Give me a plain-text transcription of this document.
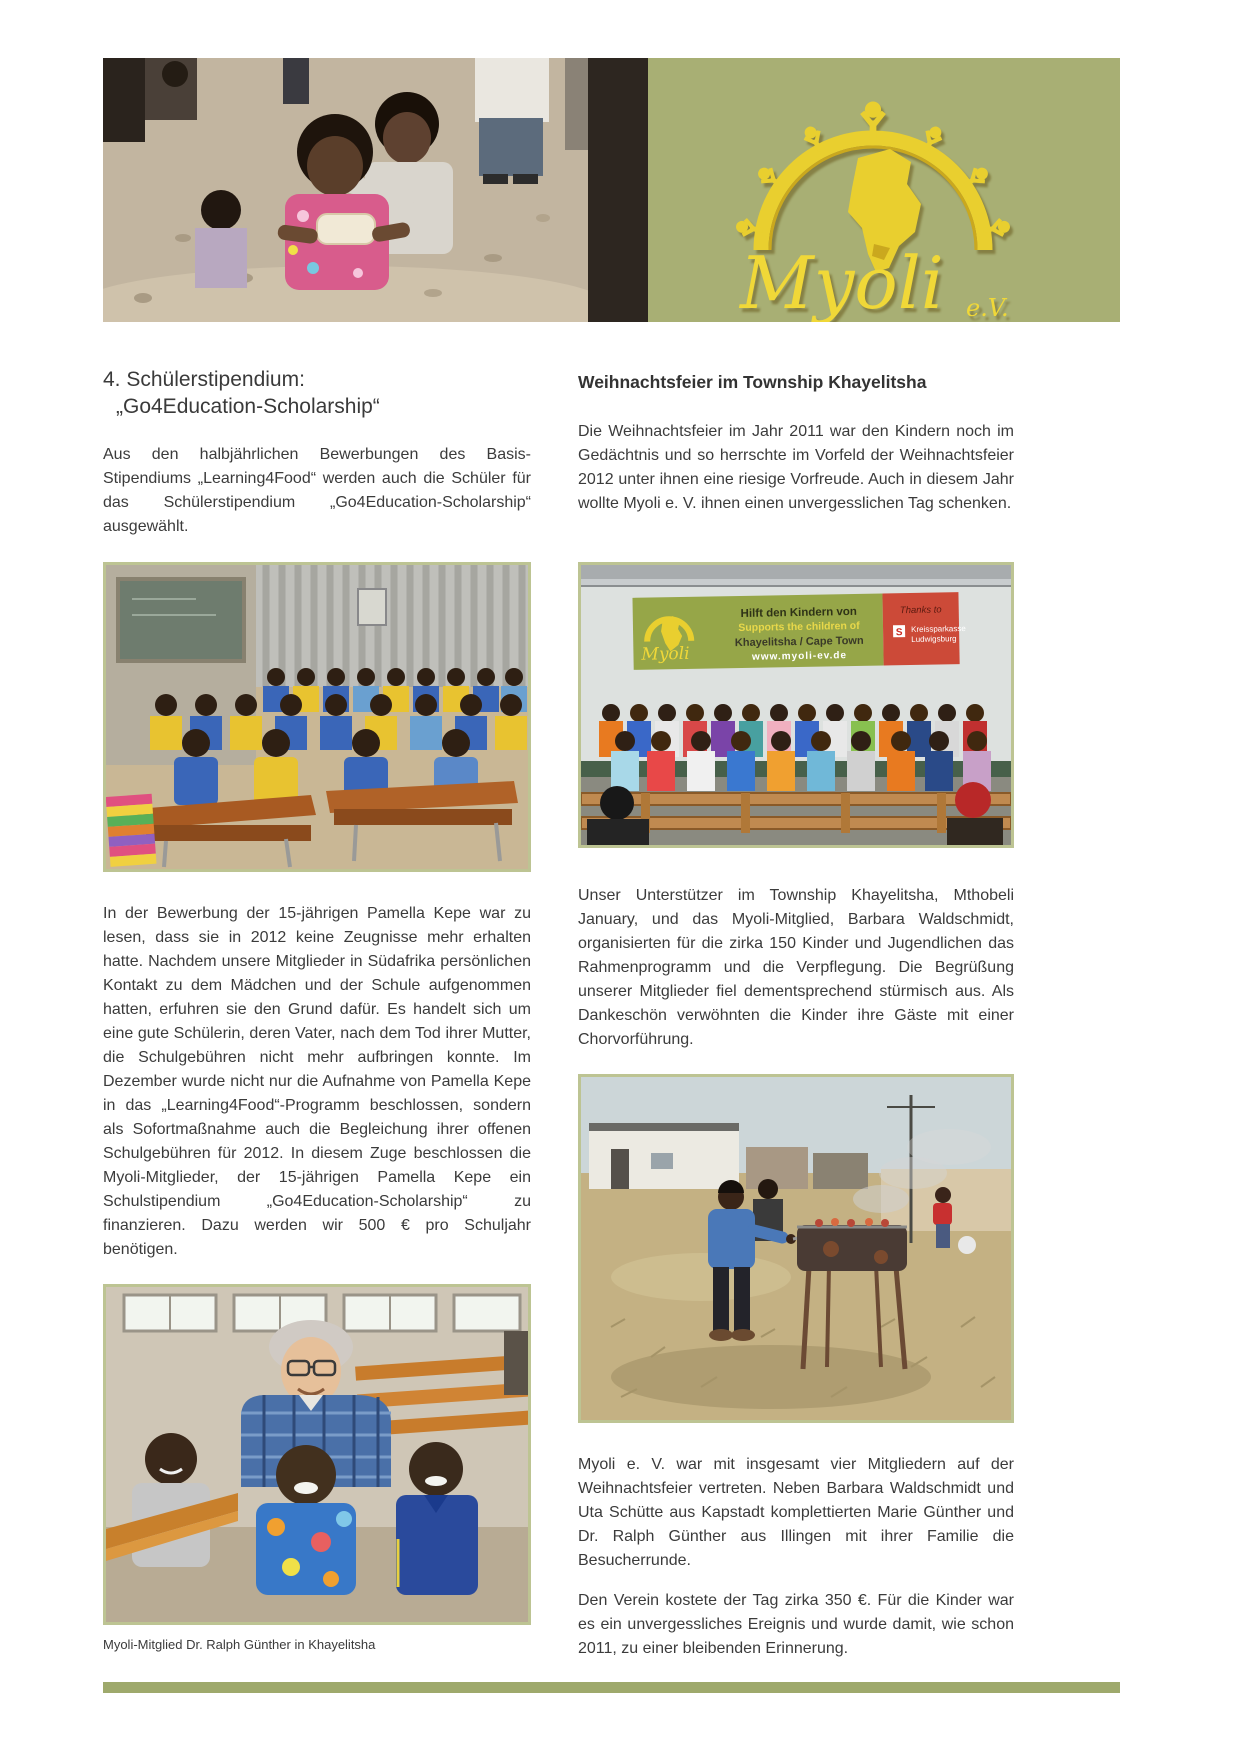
Myoli e.V.
4. Schülerstipendium:
„Go4Education-Scholarship“
Aus den halbjährlichen Bewerbungen des Basis-Stipendiums „Learning4Food“ werden auch die Schüler für das Schülerstipendium „Go4Education-Scholarship“ ausgewählt.
In der Bewerbung der 15-jährigen Pamella Kepe war zu lesen, dass sie in 2012 keine Zeugnisse mehr erhalten hatte. Nachdem unsere Mitglieder in Südafrika persönlichen Kontakt zu dem Mädchen und der Schule aufgenommen hatten, erfuhren sie den Grund dafür. Es handelt sich um eine gute Schülerin, deren Vater, nach dem Tod ihrer Mutter, die Schulgebühren nicht mehr aufbringen konnte. Im Dezember wurde nicht nur die Aufnahme von Pamella Kepe in das „Learning4Food“-Programm beschlossen, sondern als Sofortmaßnahme auch die Begleichung ihrer offenen Schulgebühren für 2012. In diesem Zuge beschlossen die Myoli-Mitglieder, der 15-jährigen Pamella Kepe ein Schulstipendium „Go4Education-Scholarship“ zu finanzieren. Dazu werden wir 500 € pro Schuljahr benötigen.
Myoli-Mitglied Dr. Ralph Günther in Khayelitsha
Weihnachtsfeier im Township Khayelitsha
Die Weihnachtsfeier im Jahr 2011 war den Kindern noch im Gedächtnis und so herrschte im Vorfeld der Weihnachtsfeier 2012 unter ihnen eine riesige Vorfreude. Auch in diesem Jahr wollte Myoli e. V. ihnen einen unvergesslichen Tag schenken.
Myoli
Hilft den Kindern von
Supports the children of
Khayelitsha / Cape Town
www.myoli-ev.de
Thanks to
S Kreissparkasse
Ludwigsburg
Unser Unterstützer im Township Khayelitsha, Mthobeli January, und das Myoli-Mitglied, Barbara Waldschmidt, organisierten für die zirka 150 Kinder und Jugendlichen das Rahmenprogramm und die Verpflegung. Die Begrüßung unserer Mitglieder fiel dementsprechend stürmisch aus. Als Dankeschön verwöhnten die Kinder ihre Gäste mit einer Chorvorführung.
Myoli e. V. war mit insgesamt vier Mitgliedern auf der Weihnachtsfeier vertreten. Neben Barbara Waldschmidt und Uta Schütte aus Kapstadt komplettierten Marie Günther und Dr. Ralph Günther aus Illingen mit ihrer Familie die Besucherrunde.
Den Verein kostete der Tag zirka 350 €. Für die Kinder war es ein unvergessliches Ereignis und wurde damit, wie schon 2011, zu einer bleibenden Erinnerung.
